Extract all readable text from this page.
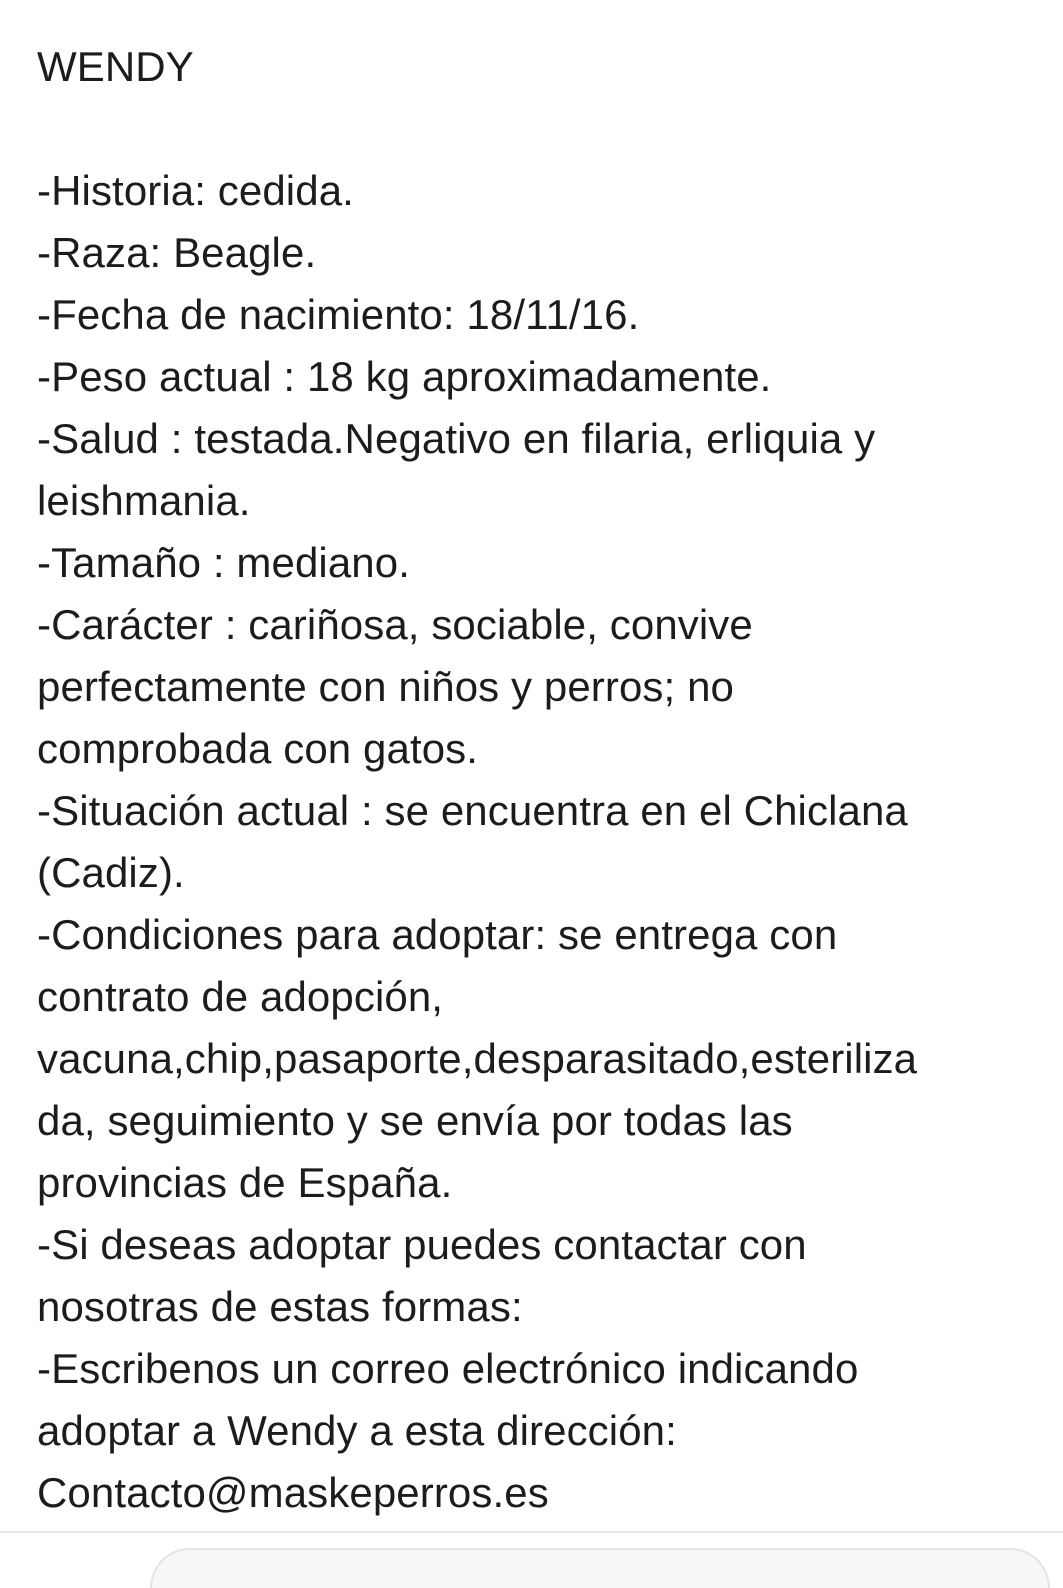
WENDY
-Historia: cedida.
-Raza: Beagle.
-Fecha de nacimiento: 18/11/16.
-Peso actual : 18 kg aproximadamente.
-Salud : testada.Negativo en filaria, erliquia y
leishmania.
-Tamaño : mediano.
-Carácter : cariñosa, sociable, convive
perfectamente con niños y perros; no
comprobada con gatos.
-Situación actual : se encuentra en el Chiclana
(Cadiz).
-Condiciones para adoptar: se entrega con
contrato de adopción,
vacuna,chip,pasaporte,desparasitado,esteriliza
da, seguimiento y se envía por todas las
provincias de España.
-Si deseas adoptar puedes contactar con
nosotras de estas formas:
-Escribenos un correo electrónico indicando
adoptar a Wendy a esta dirección:
Contacto@maskeperros.es
